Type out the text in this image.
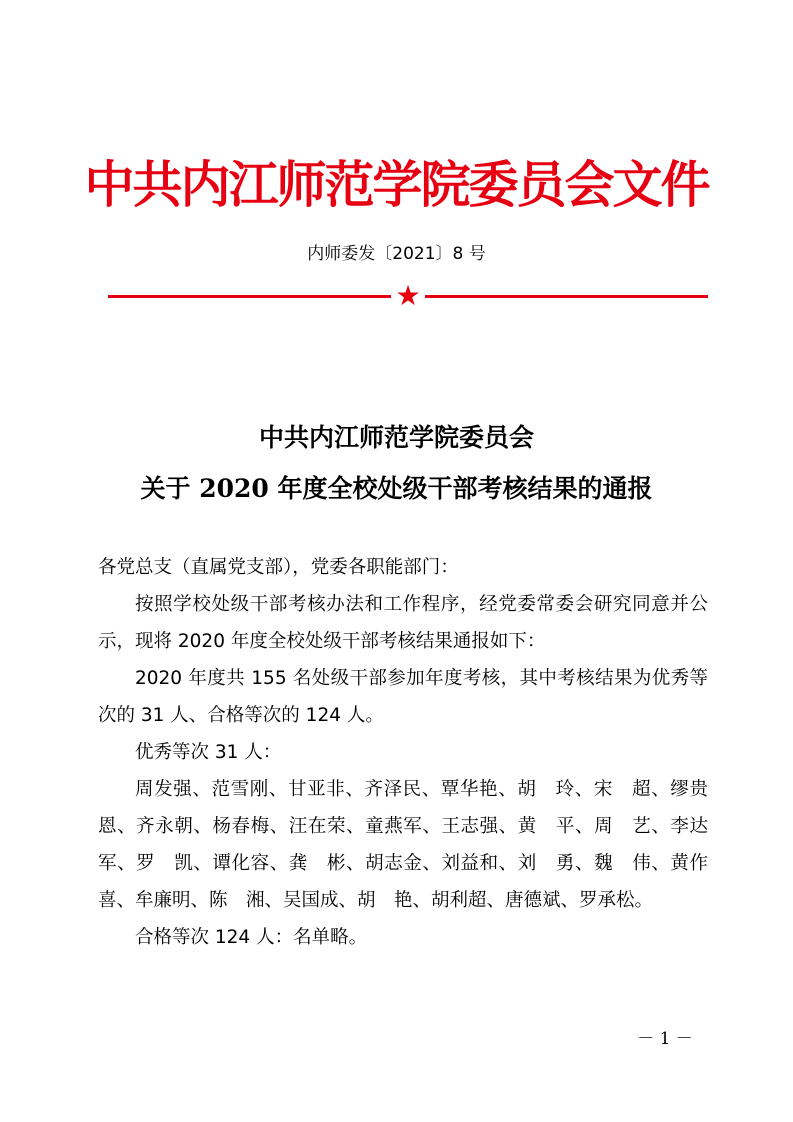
中共内江师范学院委员会文件
内师委发〔2021〕8 号
★
中共内江师范学院委员会
关于 2020 年度全校处级干部考核结果的通报

各党总支（直属党支部），党委各职能部门：

按照学校处级干部考核办法和工作程序，经党委常委会研究同意并公示，现将 2020 年度全校处级干部考核结果通报如下：

2020 年度共 155 名处级干部参加年度考核，其中考核结果为优秀等次的 31 人、合格等次的 124 人。

优秀等次 31 人：

周发强、范雪刚、甘亚非、齐泽民、覃华艳、胡　玲、宋　超、缪贵恩、齐永朝、杨春梅、汪在荣、童燕军、王志强、黄　平、周　艺、李达军、罗　凯、谭化容、龚　彬、胡志金、刘益和、刘　勇、魏　伟、黄作喜、牟廉明、陈　湘、吴国成、胡　艳、胡利超、唐德斌、罗承松。

合格等次 124 人：名单略。

－ 1 －
